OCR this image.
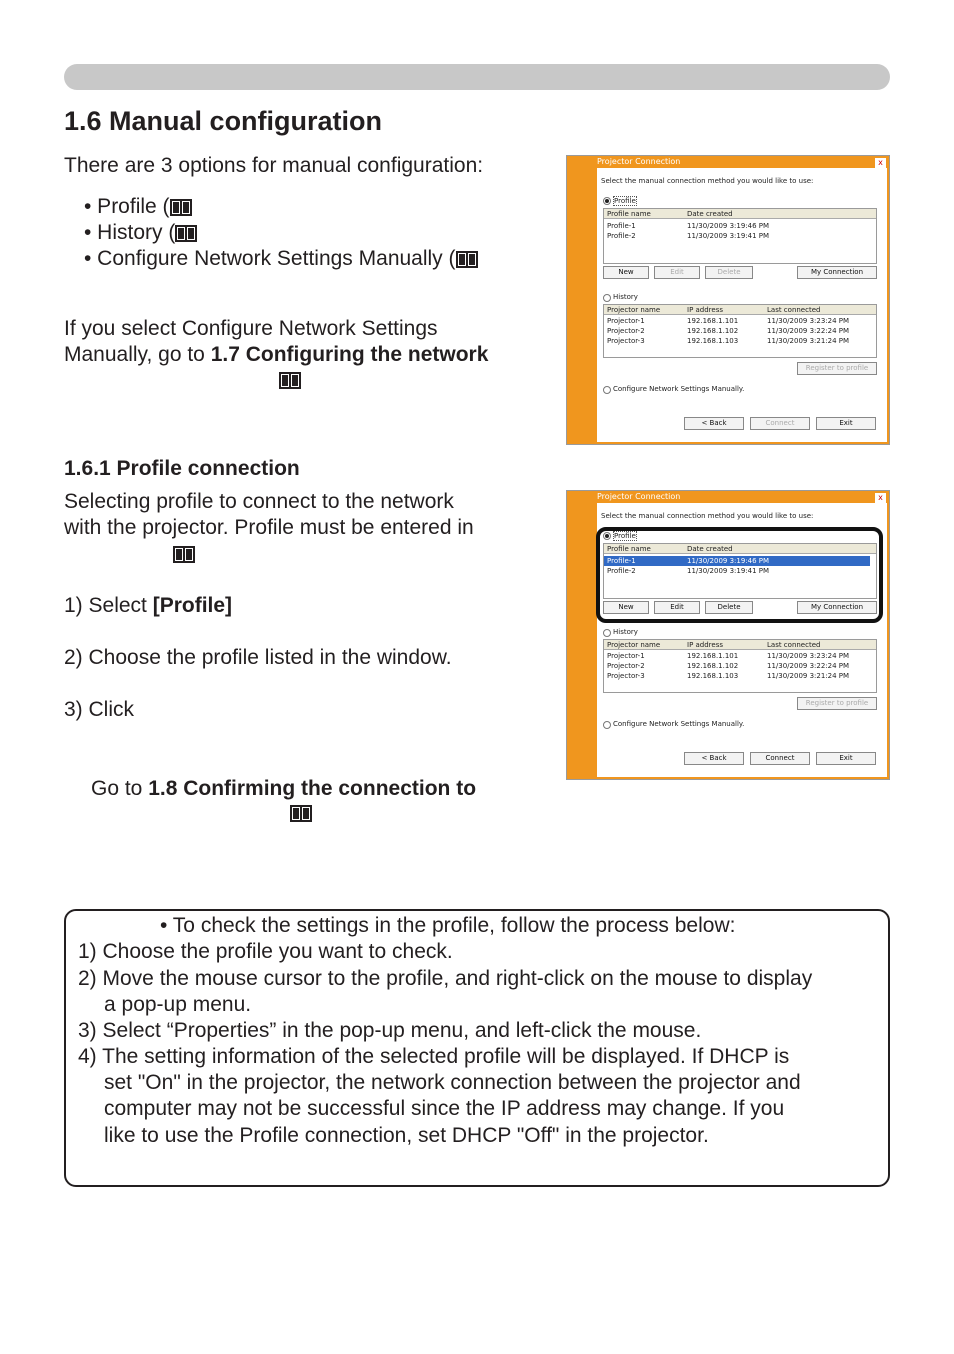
1.6 Manual configuration
There are 3 options for manual configuration:
• Profile (
• History (
• Configure Network Settings Manually (
If you select Configure Network Settings
Manually, go to 1.7 Configuring the network
1.6.1 Profile connection
Selecting profile to connect to the network
with the projector. Profile must be entered in
1) Select [Profile]
2) Choose the profile listed in the window.
3) Click
Go to 1.8 Confirming the connection to
Projector Connection	x
Select the manual connection method you would like to use:
Profile
Profile name	Date created
Profile-1	11/30/2009 3:19:46 PM
Profile-2	11/30/2009 3:19:41 PM
New	Edit	Delete	My Connection
History
Projector name	IP address	Last connected
Projector-1	192.168.1.101	11/30/2009 3:23:24 PM
Projector-2	192.168.1.102	11/30/2009 3:22:24 PM
Projector-3	192.168.1.103	11/30/2009 3:21:24 PM
Register to profile
Configure Network Settings Manually.
< Back	Connect	Exit
Projector Connection	x
Select the manual connection method you would like to use:
Profile
Profile name	Date created
Profile-1	11/30/2009 3:19:46 PM
Profile-2	11/30/2009 3:19:41 PM
New	Edit	Delete	My Connection
History
Projector name	IP address	Last connected
Projector-1	192.168.1.101	11/30/2009 3:23:24 PM
Projector-2	192.168.1.102	11/30/2009 3:22:24 PM
Projector-3	192.168.1.103	11/30/2009 3:21:24 PM
Register to profile
Configure Network Settings Manually.
< Back	Connect	Exit
• To check the settings in the profile, follow the process below:
1) Choose the profile you want to check.
2) Move the mouse cursor to the profile, and right-click on the mouse to display
a pop-up menu.
3) Select “Properties” in the pop-up menu, and left-click the mouse.
4) The setting information of the selected profile will be displayed. If DHCP is
set "On" in the projector, the network connection between the projector and
computer may not be successful since the IP address may change. If you
like to use the Profile connection, set DHCP "Off" in the projector.
